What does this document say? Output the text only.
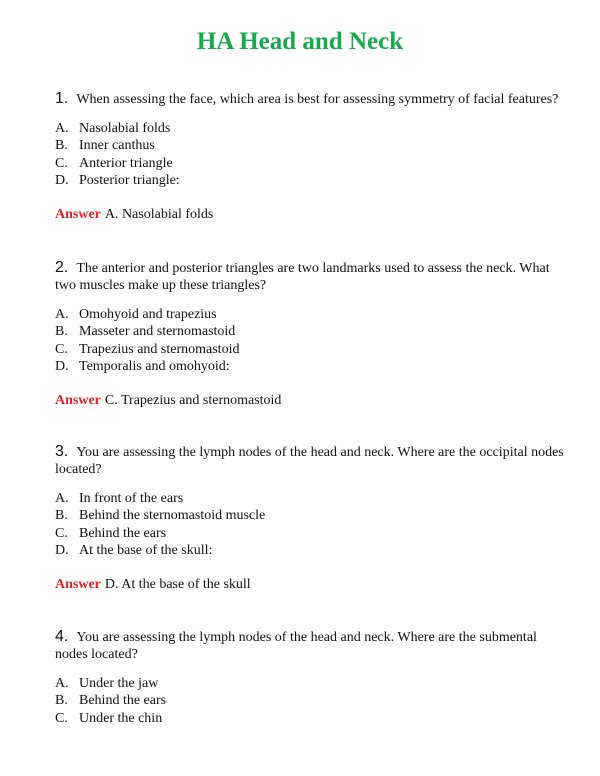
HA Head and Neck

1. When assessing the face, which area is best for assessing symmetry of facial features?

A. Nasolabial folds
B. Inner canthus
C. Anterior triangle
D. Posterior triangle:
Answer A. Nasolabial folds

2. The anterior and posterior triangles are two landmarks used to assess the neck. What two muscles make up these triangles?

A. Omohyoid and trapezius
B. Masseter and sternomastoid
C. Trapezius and sternomastoid
D. Temporalis and omohyoid:
Answer C. Trapezius and sternomastoid

3. You are assessing the lymph nodes of the head and neck. Where are the occipital nodes located?

A. In front of the ears
B. Behind the sternomastoid muscle
C. Behind the ears
D. At the base of the skull:
Answer D. At the base of the skull

4. You are assessing the lymph nodes of the head and neck. Where are the submental nodes located?

A. Under the jaw
B. Behind the ears
C. Under the chin
